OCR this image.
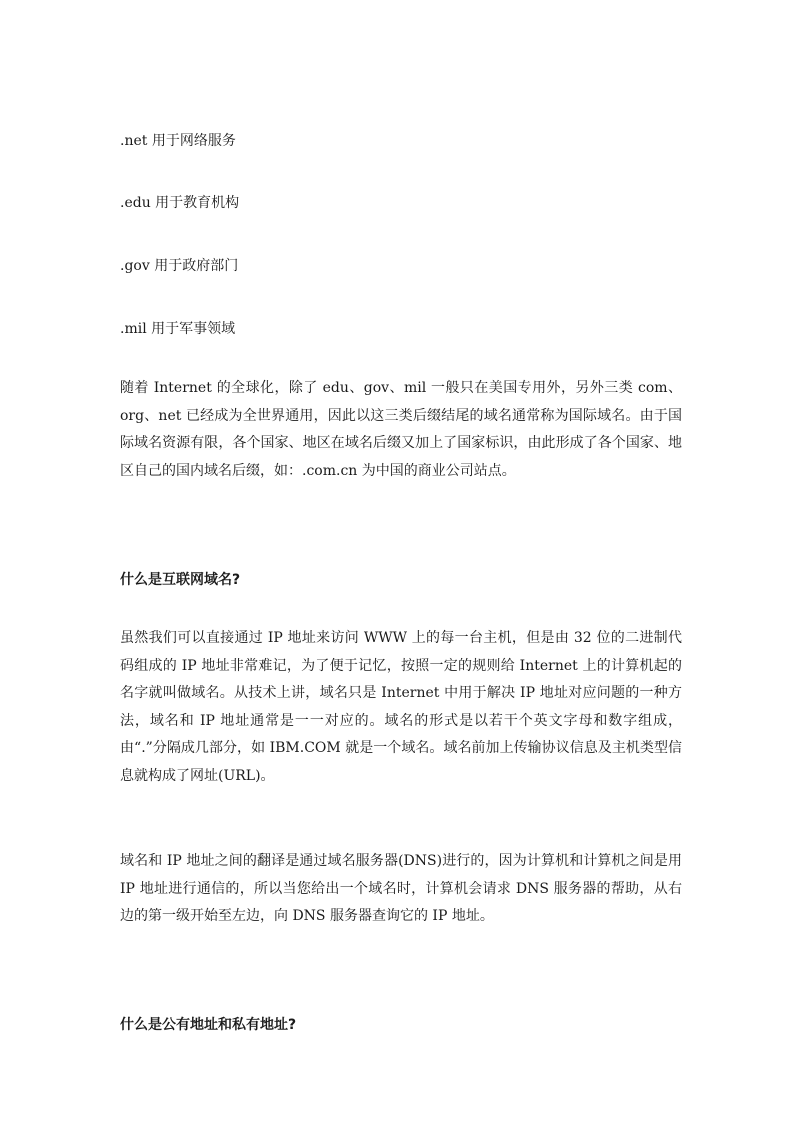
.net 用于网络服务
.edu 用于教育机构
.gov 用于政府部门
.mil 用于军事领域

随着 Internet 的全球化，除了 edu、gov、mil 一般只在美国专用外，另外三类 com、org、net 已经成为全世界通用，因此以这三类后缀结尾的域名通常称为国际域名。由于国际域名资源有限，各个国家、地区在域名后缀又加上了国家标识，由此形成了各个国家、地区自己的国内域名后缀，如：.com.cn 为中国的商业公司站点。

什么是互联网域名?

虽然我们可以直接通过 IP 地址来访问 WWW 上的每一台主机，但是由 32 位的二进制代码组成的 IP 地址非常难记，为了便于记忆，按照一定的规则给 Internet 上的计算机起的名字就叫做域名。从技术上讲，域名只是 Internet 中用于解决 IP 地址对应问题的一种方法，域名和 IP 地址通常是一一对应的。域名的形式是以若干个英文字母和数字组成，由“.”分隔成几部分，如 IBM.COM 就是一个域名。域名前加上传输协议信息及主机类型信息就构成了网址(URL)。

域名和 IP 地址之间的翻译是通过域名服务器(DNS)进行的，因为计算机和计算机之间是用 IP 地址进行通信的，所以当您给出一个域名时，计算机会请求 DNS 服务器的帮助，从右边的第一级开始至左边，向 DNS 服务器查询它的 IP 地址。

什么是公有地址和私有地址?
